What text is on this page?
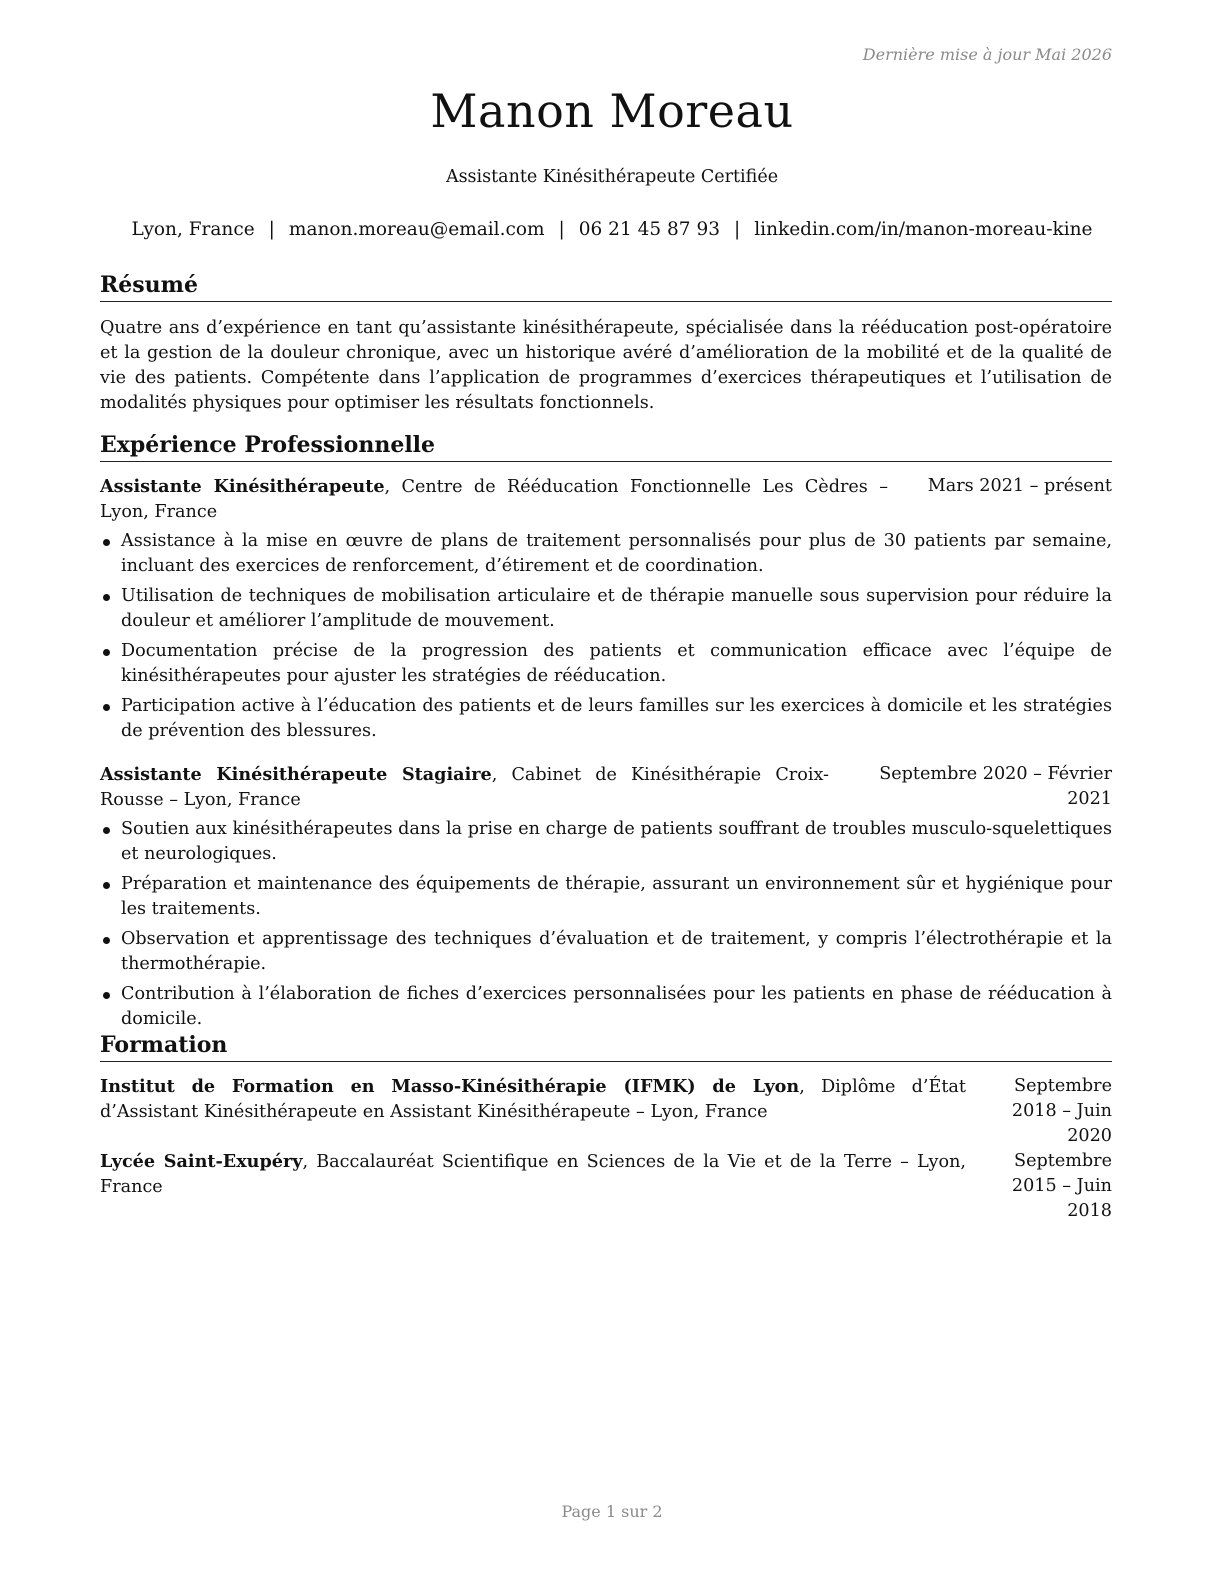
Dernière mise à jour Mai 2026
Manon Moreau
Assistante Kinésithérapeute Certifiée
Lyon, France | manon.moreau@email.com | 06 21 45 87 93 | linkedin.com/in/manon-moreau-kine
Résumé

Quatre ans d’expérience en tant qu’assistante kinésithérapeute, spécialisée dans la rééducation post-opératoire et la gestion de la douleur chronique, avec un historique avéré d’amélioration de la mobilité et de la qualité de vie des patients. Compétente dans l’application de programmes d’exercices thérapeutiques et l’utilisation de modalités physiques pour optimiser les résultats fonctionnels.

Expérience Professionnelle
Assistante Kinésithérapeute, Centre de Rééducation Fonctionnelle Les Cèdres – Lyon, France
Mars 2021 – présent
Assistance à la mise en œuvre de plans de traitement personnalisés pour plus de 30 patients par semaine, incluant des exercices de renforcement, d’étirement et de coordination.
Utilisation de techniques de mobilisation articulaire et de thérapie manuelle sous supervision pour réduire la douleur et améliorer l’amplitude de mouvement.
Documentation précise de la progression des patients et communication efficace avec l’équipe de kinésithérapeutes pour ajuster les stratégies de rééducation.
Participation active à l’éducation des patients et de leurs familles sur les exercices à domicile et les stratégies de prévention des blessures.
Assistante Kinésithérapeute Stagiaire, Cabinet de Kinésithérapie Croix-Rousse – Lyon, France
Septembre 2020 – Février 2021
Soutien aux kinésithérapeutes dans la prise en charge de patients souffrant de troubles musculo-squelettiques et neurologiques.
Préparation et maintenance des équipements de thérapie, assurant un environnement sûr et hygiénique pour les traitements.
Observation et apprentissage des techniques d’évaluation et de traitement, y compris l’électrothérapie et la thermothérapie.
Contribution à l’élaboration de fiches d’exercices personnalisées pour les patients en phase de rééducation à domicile.
Formation
Institut de Formation en Masso-Kinésithérapie (IFMK) de Lyon, Diplôme d’État d’Assistant Kinésithérapeute en Assistant Kinésithérapeute – Lyon, France
Septembre 2018 – Juin 2020
Lycée Saint-Exupéry, Baccalauréat Scientifique en Sciences de la Vie et de la Terre – Lyon, France
Septembre 2015 – Juin 2018
Page 1 sur 2
